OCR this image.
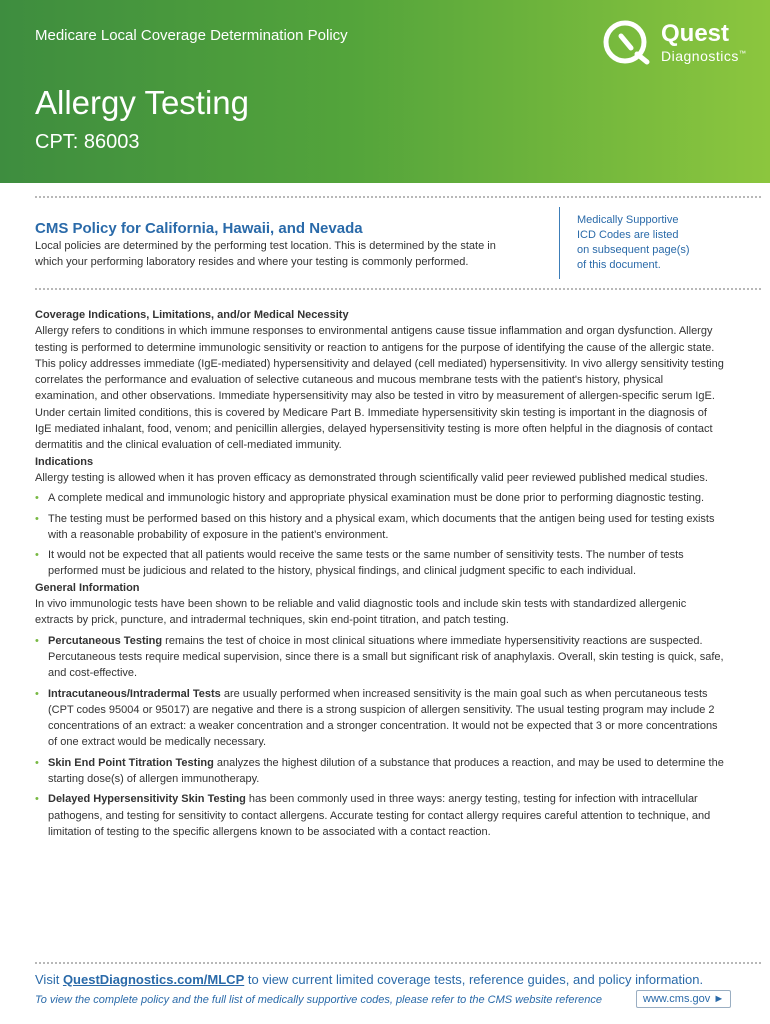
Medicare Local Coverage Determination Policy
Allergy Testing
CPT: 86003
Quest
Diagnostics™
CMS Policy for California, Hawaii, and Nevada
Local policies are determined by the performing test location. This is determined by the state in which your performing laboratory resides and where your testing is commonly performed.
Medically Supportive
ICD Codes are listed
on subsequent page(s)
of this document.
Coverage Indications, Limitations, and/or Medical Necessity

Allergy refers to conditions in which immune responses to environmental antigens cause tissue inflammation and organ dysfunction. Allergy testing is performed to determine immunologic sensitivity or reaction to antigens for the purpose of identifying the cause of the allergic state. This policy addresses immediate (IgE-mediated) hypersensitivity and delayed (cell mediated) hypersensitivity. In vivo allergy sensitivity testing correlates the performance and evaluation of selective cutaneous and mucous membrane tests with the patient's history, physical examination, and other observations. Immediate hypersensitivity may also be tested in vitro by measurement of allergen-specific serum IgE. Under certain limited conditions, this is covered by Medicare Part B. Immediate hypersensitivity skin testing is important in the diagnosis of IgE mediated inhalant, food, venom; and penicillin allergies, delayed hypersensitivity testing is more often helpful in the diagnosis of contact dermatitis and the clinical evaluation of cell-mediated immunity.

Indications

Allergy testing is allowed when it has proven efficacy as demonstrated through scientifically valid peer reviewed published medical studies.

• A complete medical and immunologic history and appropriate physical examination must be done prior to performing diagnostic testing.
• The testing must be performed based on this history and a physical exam, which documents that the antigen being used for testing exists with a reasonable probability of exposure in the patient’s environment.
• It would not be expected that all patients would receive the same tests or the same number of sensitivity tests. The number of tests performed must be judicious and related to the history, physical findings, and clinical judgment specific to each individual.
General Information

In vivo immunologic tests have been shown to be reliable and valid diagnostic tools and include skin tests with standardized allergenic extracts by prick, puncture, and intradermal techniques, skin end-point titration, and patch testing.

• Percutaneous Testing remains the test of choice in most clinical situations where immediate hypersensitivity reactions are suspected. Percutaneous tests require medical supervision, since there is a small but significant risk of anaphylaxis. Overall, skin testing is quick, safe, and cost-effective.
• Intracutaneous/Intradermal Tests are usually performed when increased sensitivity is the main goal such as when percutaneous tests (CPT codes 95004 or 95017) are negative and there is a strong suspicion of allergen sensitivity. The usual testing program may include 2 concentrations of an extract: a weaker concentration and a stronger concentration. It would not be expected that 3 or more concentrations of one extract would be medically necessary.
• Skin End Point Titration Testing analyzes the highest dilution of a substance that produces a reaction, and may be used to determine the starting dose(s) of allergen immunotherapy.
• Delayed Hypersensitivity Skin Testing has been commonly used in three ways: anergy testing, testing for infection with intracellular pathogens, and testing for sensitivity to contact allergens. Accurate testing for contact allergy requires careful attention to technique, and limitation of testing to the specific allergens known to be associated with a contact reaction.
Visit QuestDiagnostics.com/MLCP to view current limited coverage tests, reference guides, and policy information.
To view the complete policy and the full list of medically supportive codes, please refer to the CMS website reference	www.cms.gov ►
